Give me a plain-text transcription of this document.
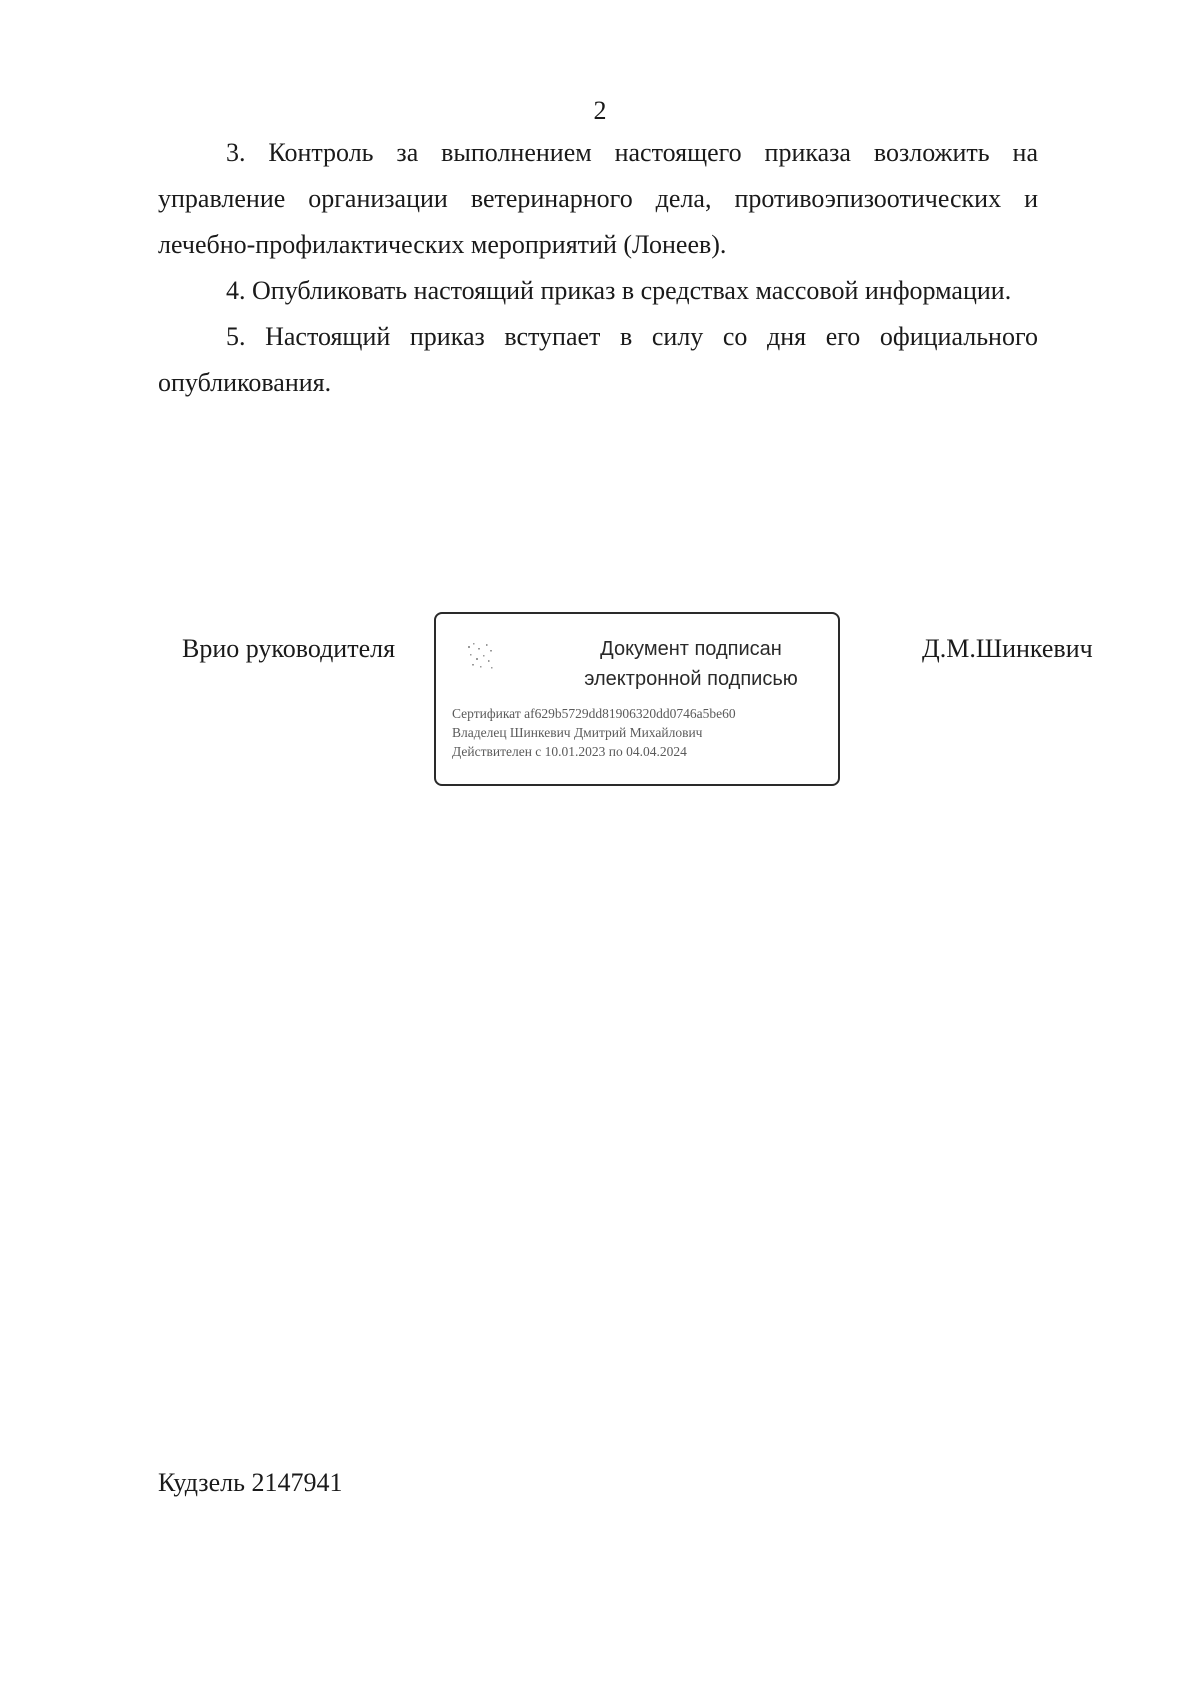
2

3. Контроль за выполнением настоящего приказа возложить на управление организации ветеринарного дела, противоэпизоотических и лечебно-профилактических мероприятий (Лонеев).

4. Опубликовать настоящий приказ в средствах массовой информации.

5. Настоящий приказ вступает в силу со дня его официального опубликования.

Врио руководителя	Документ подписан
электронной подписью
Сертификат af629b5729dd81906320dd0746a5be60
Владелец Шинкевич Дмитрий Михайлович
Действителен с 10.01.2023 по 04.04.2024
Д.М.Шинкевич
Кудзель 2147941
